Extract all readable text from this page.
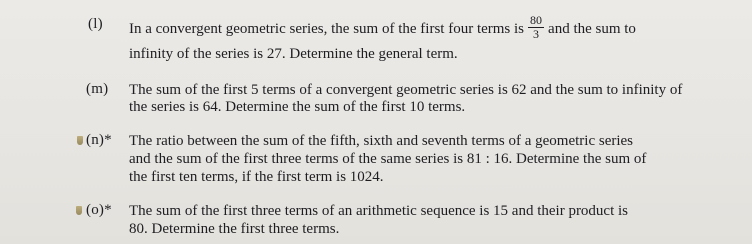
(l) In a convergent geometric series, the sum of the first four terms is $\frac{80}{3}$ and the sum to
infinity of the series is 27. Determine the general term.
(m) The sum of the first 5 terms of a convergent geometric series is 62 and the sum to infinity of
the series is 64. Determine the sum of the first 10 terms.
(n)* The ratio between the sum of the fifth, sixth and seventh terms of a geometric series
and the sum of the first three terms of the same series is 81 : 16. Determine the sum of
the first ten terms, if the first term is 1024.
(o)* The sum of the first three terms of an arithmetic sequence is 15 and their product is
80. Determine the first three terms.
